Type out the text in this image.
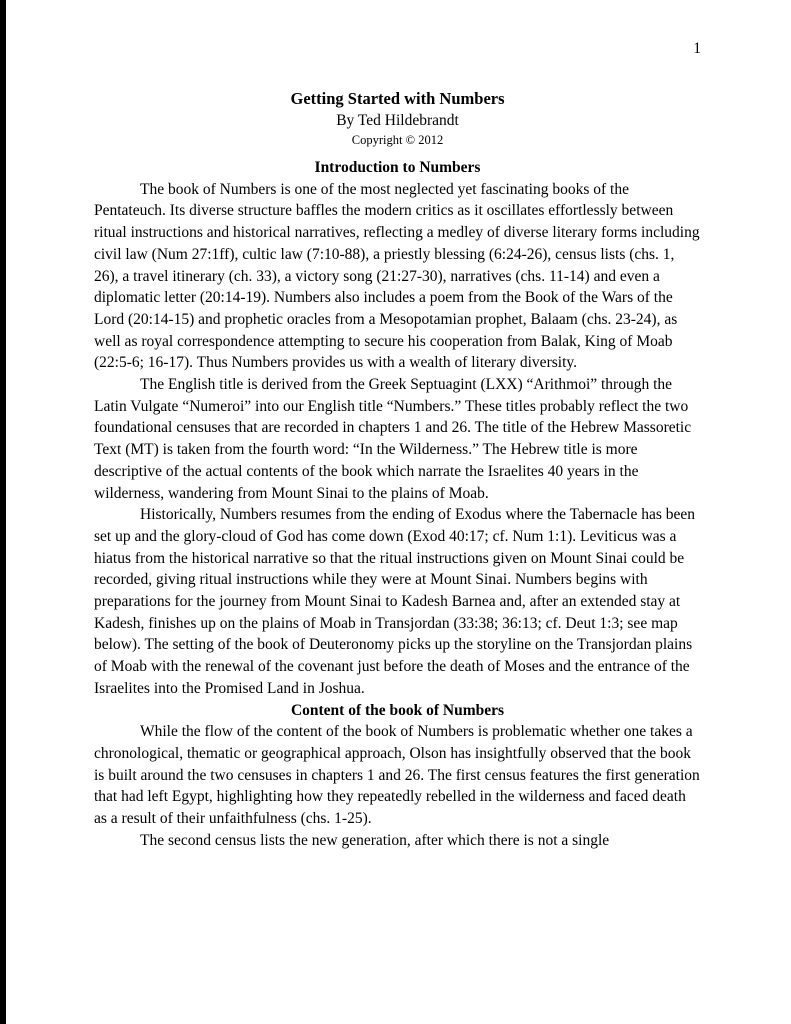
1
Getting Started with Numbers
By Ted Hildebrandt
Copyright © 2012
Introduction to Numbers

The book of Numbers is one of the most neglected yet fascinating books of the Pentateuch. Its diverse structure baffles the modern critics as it oscillates effortlessly between ritual instructions and historical narratives, reflecting a medley of diverse literary forms including civil law (Num 27:1ff), cultic law (7:10-88), a priestly blessing (6:24-26), census lists (chs. 1, 26), a travel itinerary (ch. 33), a victory song (21:27-30), narratives (chs. 11-14) and even a diplomatic letter (20:14-19). Numbers also includes a poem from the Book of the Wars of the Lord (20:14-15) and prophetic oracles from a Mesopotamian prophet, Balaam (chs. 23-24), as well as royal correspondence attempting to secure his cooperation from Balak, King of Moab (22:5-6; 16-17). Thus Numbers provides us with a wealth of literary diversity.

The English title is derived from the Greek Septuagint (LXX) “Arithmoi” through the Latin Vulgate “Numeroi” into our English title “Numbers.” These titles probably reflect the two foundational censuses that are recorded in chapters 1 and 26. The title of the Hebrew Massoretic Text (MT) is taken from the fourth word: “In the Wilderness.” The Hebrew title is more descriptive of the actual contents of the book which narrate the Israelites 40 years in the wilderness, wandering from Mount Sinai to the plains of Moab.

Historically, Numbers resumes from the ending of Exodus where the Tabernacle has been set up and the glory-cloud of God has come down (Exod 40:17; cf. Num 1:1). Leviticus was a hiatus from the historical narrative so that the ritual instructions given on Mount Sinai could be recorded, giving ritual instructions while they were at Mount Sinai. Numbers begins with preparations for the journey from Mount Sinai to Kadesh Barnea and, after an extended stay at Kadesh, finishes up on the plains of Moab in Transjordan (33:38; 36:13; cf. Deut 1:3; see map below). The setting of the book of Deuteronomy picks up the storyline on the Transjordan plains of Moab with the renewal of the covenant just before the death of Moses and the entrance of the Israelites into the Promised Land in Joshua.

Content of the book of Numbers

While the flow of the content of the book of Numbers is problematic whether one takes a chronological, thematic or geographical approach, Olson has insightfully observed that the book is built around the two censuses in chapters 1 and 26. The first census features the first generation that had left Egypt, highlighting how they repeatedly rebelled in the wilderness and faced death as a result of their unfaithfulness (chs. 1-25).

The second census lists the new generation, after which there is not a single
